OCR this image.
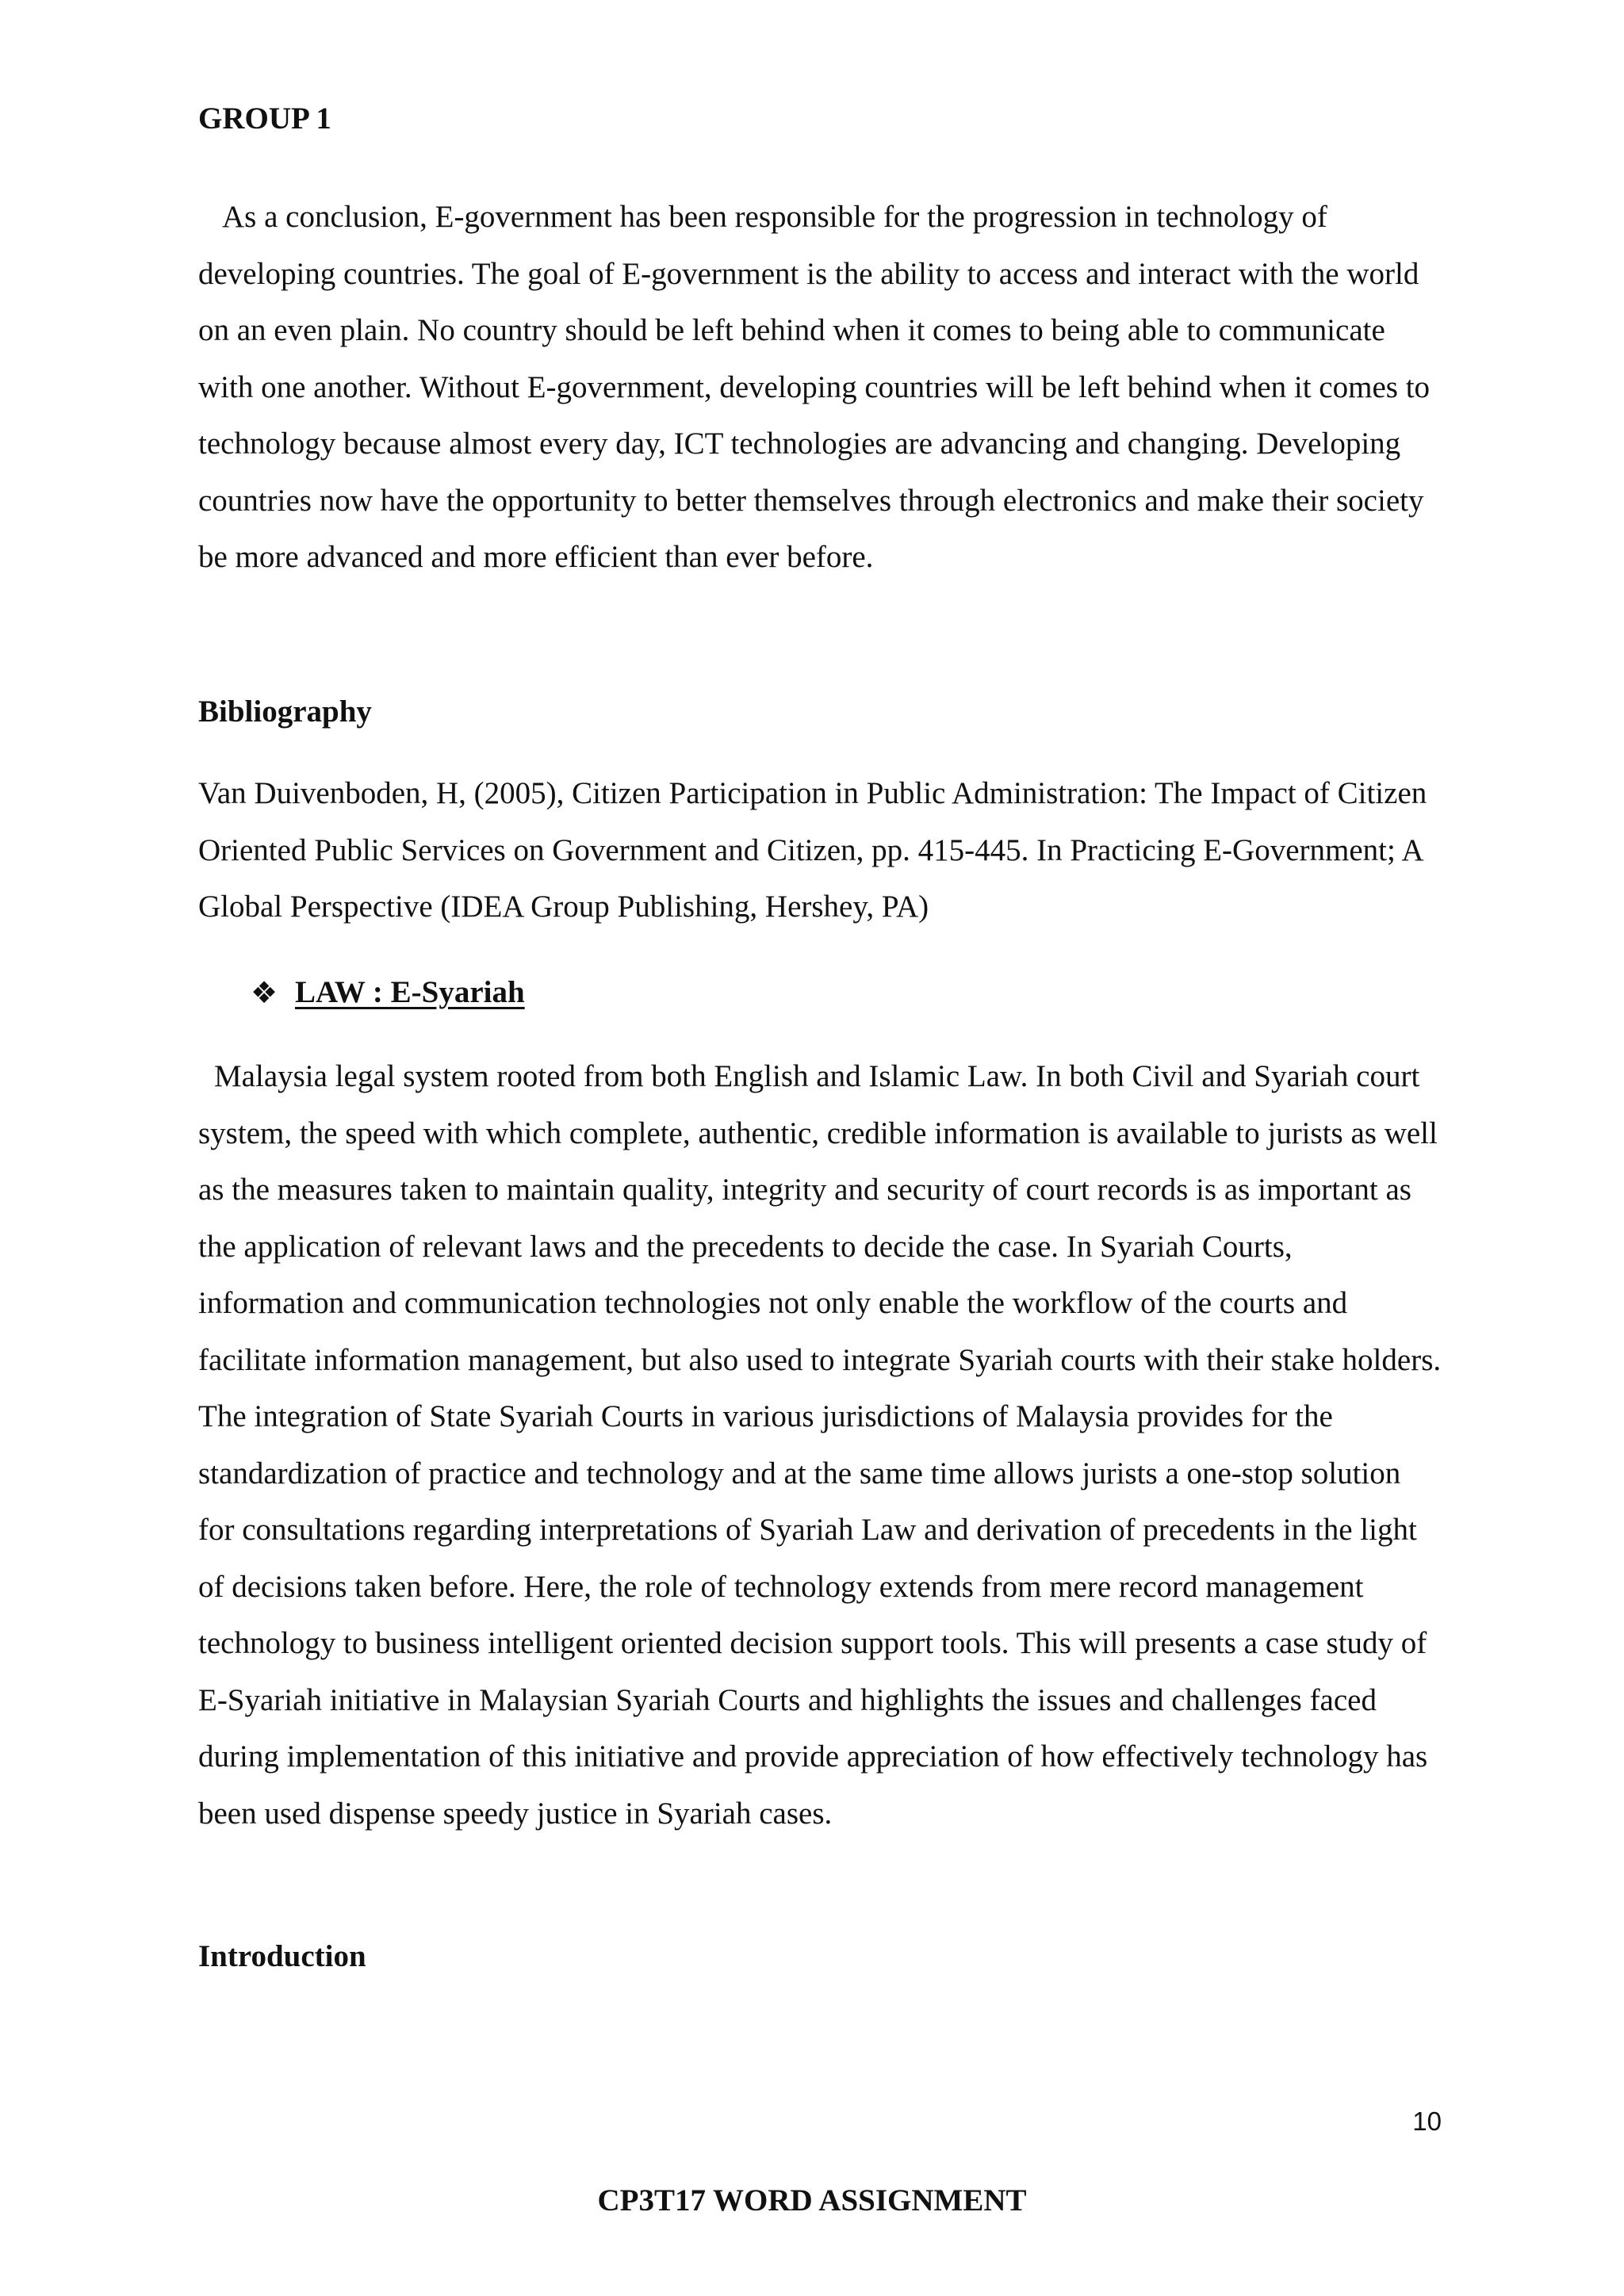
GROUP 1

As a conclusion, E-government has been responsible for the progression in technology of developing countries. The goal of E-government is the ability to access and interact with the world on an even plain. No country should be left behind when it comes to being able to communicate with one another. Without E-government, developing countries will be left behind when it comes to technology because almost every day, ICT technologies are advancing and changing. Developing countries now have the opportunity to better themselves through electronics and make their society be more advanced and more efficient than ever before.

Bibliography

Van Duivenboden, H, (2005), Citizen Participation in Public Administration: The Impact of Citizen Oriented Public Services on Government and Citizen, pp. 415-445. In Practicing E-Government; A Global Perspective (IDEA Group Publishing, Hershey, PA)

❖ LAW : E-Syariah

Malaysia legal system rooted from both English and Islamic Law. In both Civil and Syariah court system, the speed with which complete, authentic, credible information is available to jurists as well as the measures taken to maintain quality, integrity and security of court records is as important as the application of relevant laws and the precedents to decide the case. In Syariah Courts, information and communication technologies not only enable the workflow of the courts and facilitate information management, but also used to integrate Syariah courts with their stake holders. The integration of State Syariah Courts in various jurisdictions of Malaysia provides for the standardization of practice and technology and at the same time allows jurists a one-stop solution for consultations regarding interpretations of Syariah Law and derivation of precedents in the light of decisions taken before. Here, the role of technology extends from mere record management technology to business intelligent oriented decision support tools. This will presents a case study of E-Syariah initiative in Malaysian Syariah Courts and highlights the issues and challenges faced during implementation of this initiative and provide appreciation of how effectively technology has been used dispense speedy justice in Syariah cases.

Introduction
10
CP3T17 WORD ASSIGNMENT
